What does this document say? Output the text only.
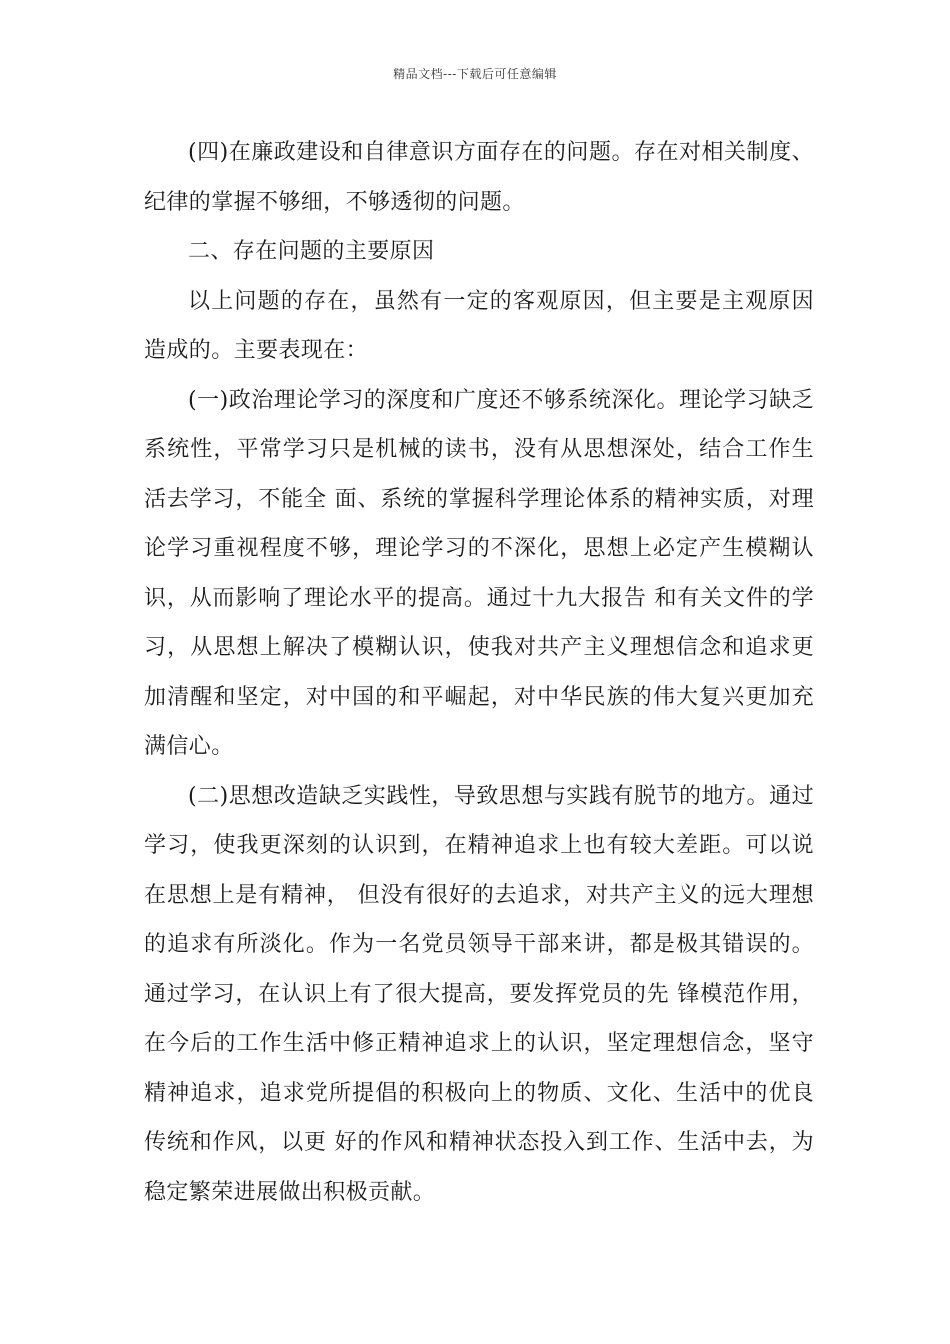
精品文档---下载后可任意编辑

(四)在廉政建设和自律意识方面存在的问题。存在对相关制度、纪律的掌握不够细，不够透彻的问题。

二、存在问题的主要原因

以上问题的存在，虽然有一定的客观原因，但主要是主观原因造成的。主要表现在：

(一)政治理论学习的深度和广度还不够系统深化。理论学习缺乏系统性，平常学习只是机械的读书，没有从思想深处，结合工作生活去学习，不能全 面、系统的掌握科学理论体系的精神实质，对理论学习重视程度不够，理论学习的不深化，思想上必定产生模糊认识，从而影响了理论水平的提高。通过十九大报告 和有关文件的学习，从思想上解决了模糊认识，使我对共产主义理想信念和追求更加清醒和坚定，对中国的和平崛起，对中华民族的伟大复兴更加充满信心。

(二)思想改造缺乏实践性，导致思想与实践有脱节的地方。通过学习，使我更深刻的认识到，在精神追求上也有较大差距。可以说在思想上是有精神， 但没有很好的去追求，对共产主义的远大理想的追求有所淡化。作为一名党员领导干部来讲，都是极其错误的。通过学习，在认识上有了很大提高，要发挥党员的先 锋模范作用，在今后的工作生活中修正精神追求上的认识，坚定理想信念，坚守精神追求，追求党所提倡的积极向上的物质、文化、生活中的优良传统和作风，以更 好的作风和精神状态投入到工作、生活中去，为稳定繁荣进展做出积极贡献。
